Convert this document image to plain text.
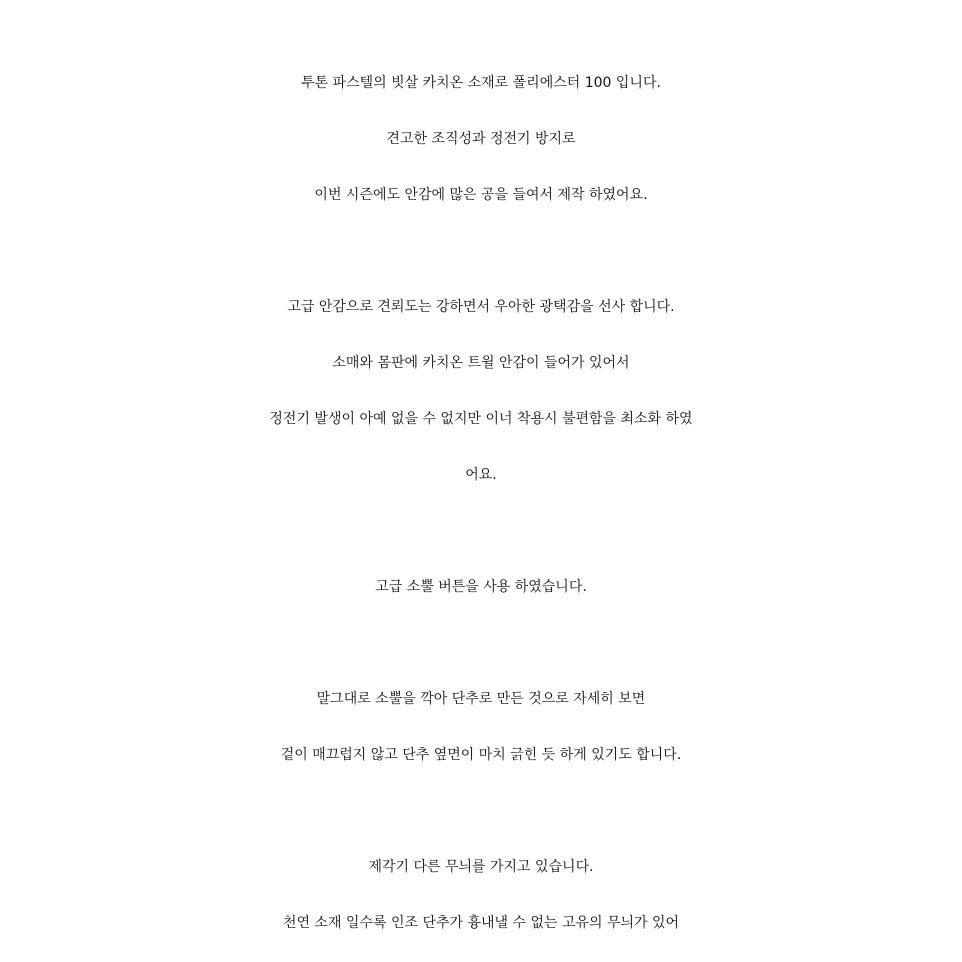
투톤 파스텔의 빗살 카치온 소재로 폴리에스터 100 입니다.
견고한 조직성과 정전기 방지로
이번 시즌에도 안감에 많은 공을 들여서 제작 하였어요.
고급 안감으로 견뢰도는 강하면서 우아한 광택감을 선사 합니다.
소매와 몸판에 카치온 트윌 안감이 들어가 있어서
정전기 발생이 아예 없을 수 없지만 이너 착용시 불편함을 최소화 하였
어요.
고급 소뿔 버튼을 사용 하였습니다.
말그대로 소뿔을 깍아 단추로 만든 것으로 자세히 보면
겉이 매끄럽지 않고 단추 옆면이 마치 긁힌 듯 하게 있기도 합니다.
제각기 다른 무늬를 가지고 있습니다.
천연 소재 일수록 인조 단추가 흉내낼 수 없는 고유의 무늬가 있어
